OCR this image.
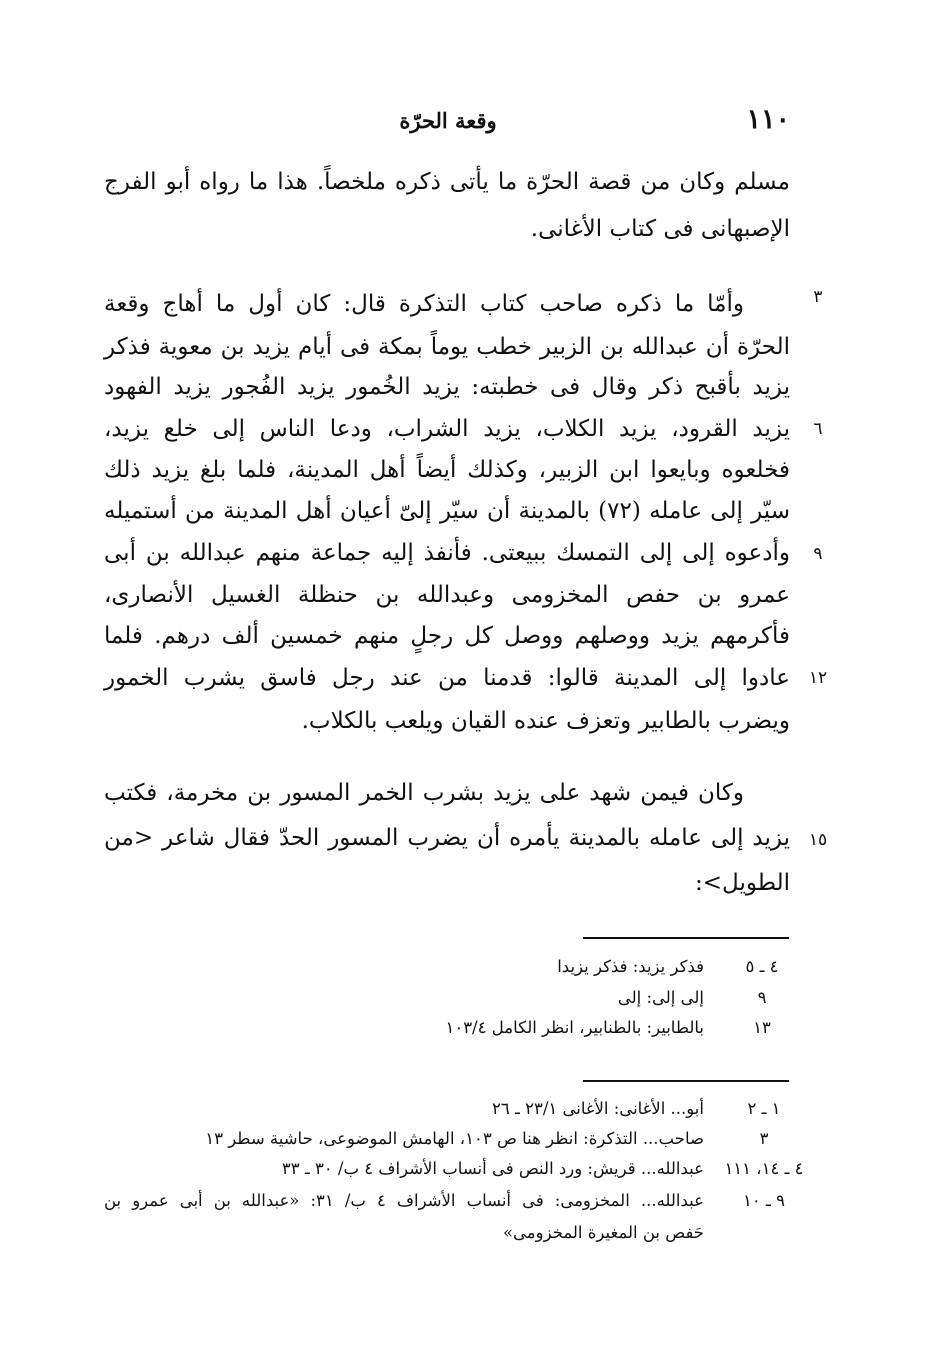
١١٠
وقعة الحرّة
مسلم وكان من قصة الحرّة ما يأتى ذكره ملخصاً. هذا ما رواه أبو الفرج
الإصبهانى فى كتاب الأغانى.
وأمّا ما ذكره صاحب كتاب التذكرة قال: كان أول ما أهاج وقعة
الحرّة أن عبدالله بن الزبير خطب يوماً بمكة فى أيام يزيد بن معوية فذكر
يزيد بأقبح ذكر وقال فى خطبته: يزيد الخُمور يزيد الفُجور يزيد الفهود
يزيد القرود، يزيد الكلاب، يزيد الشراب، ودعا الناس إلى خلع يزيد،
فخلعوه وبايعوا ابن الزبير، وكذلك أيضاً أهل المدينة، فلما بلغ يزيد ذلك
سيّر إلى عامله (٧٢) بالمدينة أن سيّر إلىّ أعيان أهل المدينة من أستميله
وأدعوه إلى إلى التمسك ببيعتى. فأنفذ إليه جماعة منهم عبدالله بن أبى
عمرو بن حفص المخزومى وعبدالله بن حنظلة الغسيل الأنصارى،
فأكرمهم يزيد ووصلهم ووصل كل رجلٍ منهم خمسين ألف درهم. فلما
عادوا إلى المدينة قالوا: قدمنا من عند رجل فاسق يشرب الخمور
ويضرب بالطابير وتعزف عنده القيان ويلعب بالكلاب.
وكان فيمن شهد على يزيد بشرب الخمر المسور بن مخرمة، فكتب
يزيد إلى عامله بالمدينة يأمره أن يضرب المسور الحدّ فقال شاعر <من
الطويل>:
٣
٦
٩
١٢
١٥
٤ ـ ٥
فذكر يزيد: فذكر يزيدا
٩
إلى إلى: إلى
١٣
بالطابير: بالطنابير، انظر الكامل ١٠٣/٤
١ ـ ٢
أبو... الأغانى: الأغانى ٢٣/١ ـ ٢٦
٣
صاحب... التذكرة: انظر هنا ص ١٠٣، الهامش الموضوعى، حاشية سطر ١٣
٤ ـ ١٤، ١١١
عبدالله... قريش: ورد النص فى أنساب الأشراف ٤ ب/ ٣٠ ـ ٣٣
٩ ـ ١٠
عبدالله... المخزومى: فى أنساب الأشراف ٤ ب/ ٣١: «عبدالله بن أبى عمرو بن
حَفص بن المغيرة المخزومى»
